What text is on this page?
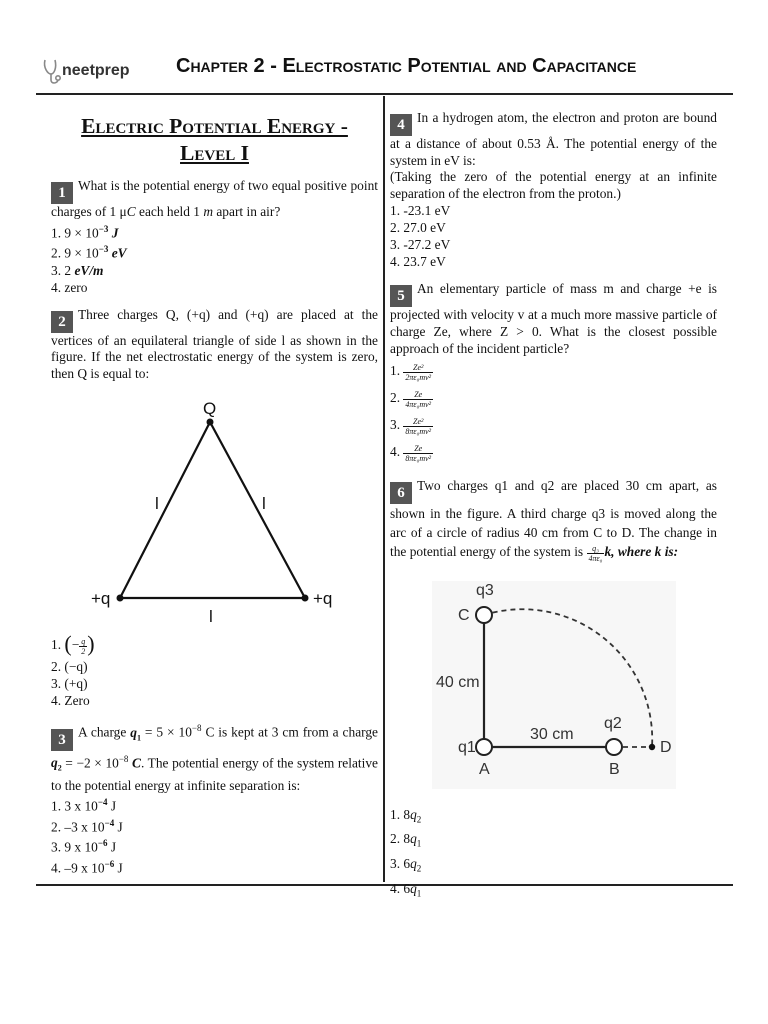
neetprep Chapter 2 - Electrostatic Potential and Capacitance
Electric Potential Energy - Level I
1 What is the potential energy of two equal positive point charges of 1 μC each held 1 m apart in air?
1. $9 \times 10^{-3}$ J
2. $9 \times 10^{-3}$ eV
3. 2 eV/m
4. zero
2 Three charges Q, (+q) and (+q) are placed at the vertices of an equilateral triangle of side l as shown in the figure. If the net electrostatic energy of the system is zero, then Q is equal to:
Q
+q	+q
l	l
l
1. (− $\frac{q}{2}$ )
2. (−q)
3. (+q)
4. Zero
3 A charge $q_1 = 5 \times 10^{-8}$ C is kept at 3 cm from a charge $q_2 = -2 \times 10^{-8}$ C. The potential energy of the system relative to the potential energy at infinite separation is:
1. 3 x $10^{-4}$ J
2. –3 x $10^{-4}$ J
3. 9 x $10^{-6}$ J
4. –9 x $10^{-6}$ J
4 In a hydrogen atom, the electron and proton are bound at a distance of about 0.53 Å. The potential energy of the system in eV is:
(Taking the zero of the potential energy at an infinite separation of the electron from the proton.)
1. -23.1 eV
2. 27.0 eV
3. -27.2 eV
4. 23.7 eV
5 An elementary particle of mass m and charge +e is projected with velocity v at a much more massive particle of charge Ze, where Z > 0. What is the closest possible approach of the incident particle?
1. $\frac{\text{Ze²}}{\text{2πε₀mv²}}$
2. $\frac{Ze}{\text{4πε₀mv²}}$
3. $\frac{\text{Ze²}}{\text{8πε₀mv²}}$
4. $\frac{Ze}{\text{8πε₀mv²}}$
6 Two charges q1 and q2 are placed 30 cm apart, as shown in the figure. A third charge q3 is moved along the arc of a circle of radius 40 cm from C to D. The change in the potential energy of the system is $\frac{\text{q₃}}{\text{4πε₀}} k$, where k is:
q3
C
40 cm
q1
A
30 cm
q2
B
D
1. $8q_2$
2. $8q_1$
3. $6q_2$
4. $6q_1$
